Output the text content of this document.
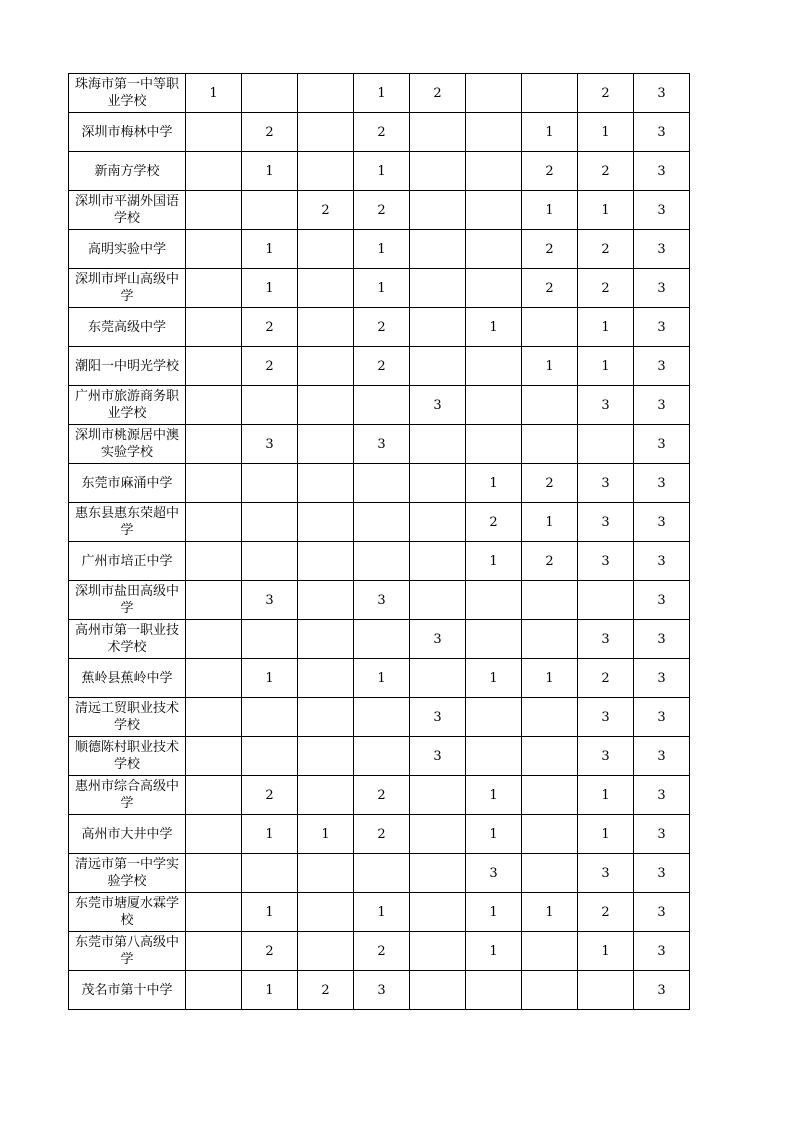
珠海市第一中等职业学校	1			1	2			2	3
深圳市梅林中学		2		2			1	1	3
新南方学校		1		1			2	2	3
深圳市平湖外国语学校			2	2			1	1	3
高明实验中学		1		1			2	2	3
深圳市坪山高级中学		1		1			2	2	3
东莞高级中学		2		2		1		1	3
潮阳一中明光学校		2		2			1	1	3
广州市旅游商务职业学校					3			3	3
深圳市桃源居中澳实验学校		3		3					3
东莞市麻涌中学						1	2	3	3
惠东县惠东荣超中学						2	1	3	3
广州市培正中学						1	2	3	3
深圳市盐田高级中学		3		3					3
高州市第一职业技术学校					3			3	3
蕉岭县蕉岭中学		1		1		1	1	2	3
清远工贸职业技术学校					3			3	3
顺德陈村职业技术学校					3			3	3
惠州市综合高级中学		2		2		1		1	3
高州市大井中学		1	1	2		1		1	3
清远市第一中学实验学校						3		3	3
东莞市塘厦水霖学校		1		1		1	1	2	3
东莞市第八高级中学		2		2		1		1	3
茂名市第十中学		1	2	3					3
